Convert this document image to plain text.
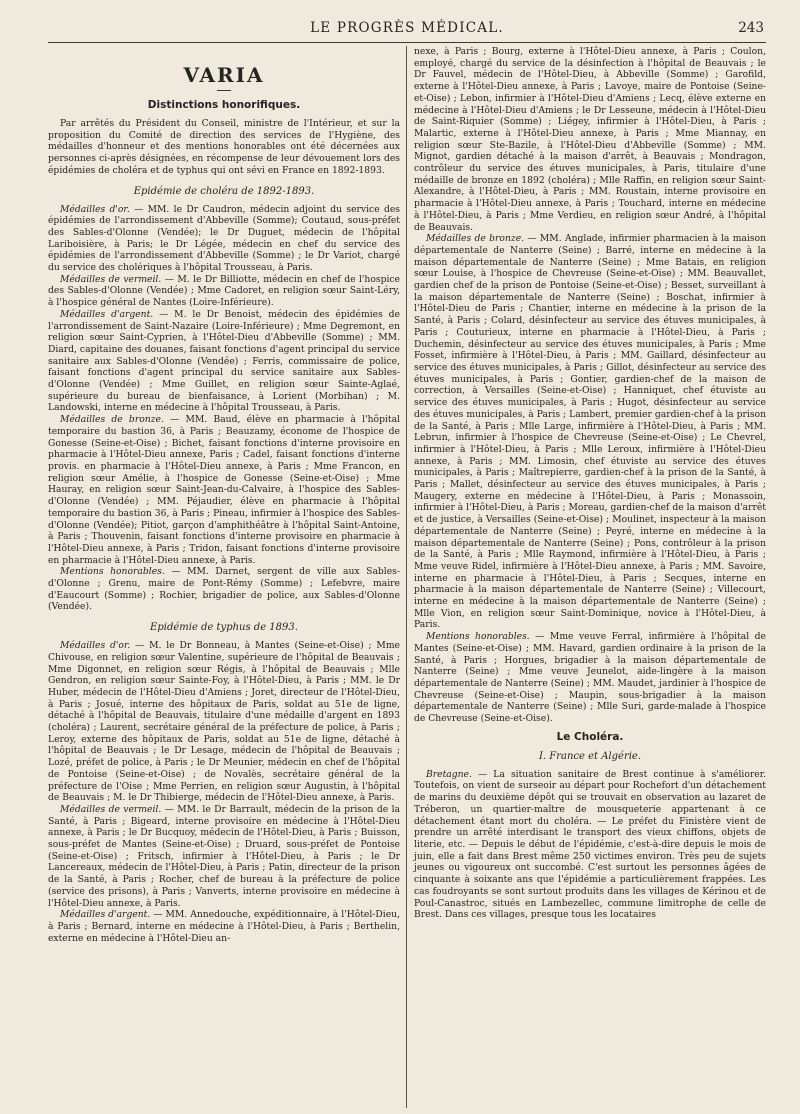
LE PROGRÈS MÉDICAL.	243
VARIA
Distinctions honorifiques.

Par arrêtés du Président du Conseil, ministre de l'Intérieur, et sur la proposition du Comité de direction des services de l'Hygiène, des médailles d'honneur et des mentions honorables ont été décernées aux personnes ci-après désignées, en récompense de leur dévouement lors des épidémies de choléra et de typhus qui ont sévi en France en 1892-1893.

Epidémie de choléra de 1892-1893.

Médailles d'or. — MM. le Dr Caudron, médecin adjoint du service des épidémies de l'arrondissement d'Abbeville (Somme); Coutaud, sous-préfet des Sables-d'Olonne (Vendée); le Dr Duguet, médecin de l'hôpital Lariboisière, à Paris; le Dr Légée, médecin en chef du service des épidémies de l'arrondissement d'Abbeville (Somme) ; le Dr Variot, chargé du service des cholériques à l'hôpital Trousseau, à Paris.

Médailles de vermeil. — M. le Dr Billiotte, médecin en chef de l'hospice des Sables-d'Olonne (Vendée) ; Mme Cadoret, en religion sœur Saint-Léry, à l'hospice général de Nantes (Loire-Inférieure).

Médailles d'argent. — M. le Dr Benoist, médecin des épidémies de l'arrondissement de Saint-Nazaire (Loire-Inférieure) ; Mme Degremont, en religion sœur Saint-Cyprien, à l'Hôtel-Dieu d'Abbeville (Somme) ; MM. Diard, capitaine des douanes, faisant fonctions d'agent principal du service sanitaire aux Sables-d'Olonne (Vendée) ; Ferris, commissaire de police, faisant fonctions d'agent principal du service sanitaire aux Sables-d'Olonne (Vendée) ; Mme Guillet, en religion sœur Sainte-Aglaé, supérieure du bureau de bienfaisance, à Lorient (Morbihan) ; M. Landowski, interne en médecine à l'hôpital Trousseau, à Paris.

Médailles de bronze. — MM. Baud, élève en pharmacie à l'hôpital temporaire du bastion 36, à Paris ; Beauzamy, économe de l'hospice de Gonesse (Seine-et-Oise) ; Bichet, faisant fonctions d'interne provisoire en pharmacie à l'Hôtel-Dieu annexe, Paris ; Cadel, faisant fonctions d'interne provis. en pharmacie à l'Hôtel-Dieu annexe, à Paris ; Mme Francon, en religion sœur Amélie, à l'hospice de Gonesse (Seine-et-Oise) ; Mme Hauray, en religion sœur Saint-Jean-du-Calvaire, à l'hospice des Sables-d'Olonne (Vendée) ; MM. Péjaudier, élève en pharmacie à l'hôpital temporaire du bastion 36, à Paris ; Pineau, infirmier à l'hospice des Sables-d'Olonne (Vendée); Pitiot, garçon d'amphithéâtre à l'hôpital Saint-Antoine, à Paris ; Thouvenin, faisant fonctions d'interne provisoire en pharmacie à l'Hôtel-Dieu annexe, à Paris ; Tridon, faisant fonctions d'interne provisoire en pharmacie à l'Hôtel-Dieu annexe, à Paris.

Mentions honorables. — MM. Darnet, sergent de ville aux Sables-d'Olonne ; Grenu, maire de Pont-Rémy (Somme) ; Lefebvre, maire d'Eaucourt (Somme) ; Rochier, brigadier de police, aux Sables-d'Olonne (Vendée).

Epidémie de typhus de 1893.

Médailles d'or. — M. le Dr Bonneau, à Mantes (Seine-et-Oise) ; Mme Chivouse, en religion sœur Valentine, supérieure de l'hôpital de Beauvais ; Mme Digonnet, en religion sœur Régis, à l'hôpital de Beauvais ; Mlle Gendron, en religion sœur Sainte-Foy, à l'Hôtel-Dieu, à Paris ; MM. le Dr Huber, médecin de l'Hôtel-Dieu d'Amiens ; Joret, directeur de l'Hôtel-Dieu, à Paris ; Josué, interne des hôpitaux de Paris, soldat au 51e de ligne, détaché à l'hôpital de Beauvais, titulaire d'une médaille d'argent en 1893 (choléra) ; Laurent, secrétaire général de la préfecture de police, à Paris ; Leroy, externe des hôpitaux de Paris, soldat au 51e de ligne, détaché à l'hôpital de Beauvais ; le Dr Lesage, médecin de l'hôpital de Beauvais ; Lozé, préfet de police, à Paris ; le Dr Meunier, médecin en chef de l'hôpital de Pontoise (Seine-et-Oise) ; de Novalès, secrétaire général de la préfecture de l'Oise ; Mme Perrien, en religion sœur Augustin, à l'hôpital de Beauvais ; M. le Dr Thibierge, médecin de l'Hôtel-Dieu annexe, à Paris.

Médailles de vermeil. — MM. le Dr Barrault, médecin de la prison de la Santé, à Paris ; Bigeard, interne provisoire en médecine à l'Hôtel-Dieu annexe, à Paris ; le Dr Bucquoy, médecin de l'Hôtel-Dieu, à Paris ; Buisson, sous-préfet de Mantes (Seine-et-Oise) ; Druard, sous-préfet de Pontoise (Seine-et-Oise) ; Fritsch, infirmier à l'Hôtel-Dieu, à Paris ; le Dr Lancereaux, médecin de l'Hôtel-Dieu, à Paris ; Patin, directeur de la prison de la Santé, à Paris ; Rocher, chef de bureau à la préfecture de police (service des prisons), à Paris ; Vanverts, interne provisoire en médecine à l'Hôtel-Dieu annexe, à Paris.

Médailles d'argent. — MM. Annedouche, expéditionnaire, à l'Hôtel-Dieu, à Paris ; Bernard, interne en médecine à l'Hôtel-Dieu, à Paris ; Berthelin, externe en médecine à l'Hôtel-Dieu an-

nexe, à Paris ; Bourg, externe à l'Hôtel-Dieu annexe, à Paris ; Coulon, employé, chargé du service de la désinfection à l'hôpital de Beauvais ; le Dr Fauvel, médecin de l'Hôtel-Dieu, à Abbeville (Somme) ; Garofild, externe à l'Hôtel-Dieu annexe, à Paris ; Lavoye, maire de Pontoise (Seine-et-Oise) ; Lebon, infirmier à l'Hôtel-Dieu d'Amiens ; Lecq, élève externe en médecine à l'Hôtel-Dieu d'Amiens ; le Dr Lesseune, médecin à l'Hôtel-Dieu de Saint-Riquier (Somme) ; Liégey, infirmier à l'Hôtel-Dieu, à Paris ; Malartic, externe à l'Hôtel-Dieu annexe, à Paris ; Mme Miannay, en religion sœur Ste-Bazile, à l'Hôtel-Dieu d'Abbeville (Somme) ; MM. Mignot, gardien détaché à la maison d'arrêt, à Beauvais ; Mondragon, contrôleur du service des étuves municipales, à Paris, titulaire d'une médaille de bronze en 1892 (choléra) ; Mlle Raffin, en religion sœur Saint-Alexandre, à l'Hôtel-Dieu, à Paris ; MM. Roustain, interne provisoire en pharmacie à l'Hôtel-Dieu annexe, à Paris ; Touchard, interne en médecine à l'Hôtel-Dieu, à Paris ; Mme Verdieu, en religion sœur André, à l'hôpital de Beauvais.

Médailles de bronze. — MM. Anglade, infirmier pharmacien à la maison départementale de Nanterre (Seine) ; Barré, interne en médecine à la maison départementale de Nanterre (Seine) ; Mme Batais, en religion sœur Louise, à l'hospice de Chevreuse (Seine-et-Oise) ; MM. Beauvallet, gardien chef de la prison de Pontoise (Seine-et-Oise) ; Besset, surveillant à la maison départementale de Nanterre (Seine) ; Boschat, infirmier à l'Hôtel-Dieu de Paris ; Chantier, interne en médecine à la prison de la Santé, à Paris ; Colard, désinfecteur au service des étuves municipales, à Paris ; Couturieux, interne en pharmacie à l'Hôtel-Dieu, à Paris ; Duchemin, désinfecteur au service des étuves municipales, à Paris ; Mme Fosset, infirmière à l'Hôtel-Dieu, à Paris ; MM. Gaillard, désinfecteur au service des étuves municipales, à Paris ; Gillot, désinfecteur au service des étuves municipales, à Paris ; Gontier, gardien-chef de la maison de correction, à Versailles (Seine-et-Oise) ; Hanniquet, chef étuviste au service des étuves municipales, à Paris ; Hugot, désinfecteur au service des étuves municipales, à Paris ; Lambert, premier gardien-chef à la prison de la Santé, à Paris ; Mlle Large, infirmière à l'Hôtel-Dieu, à Paris ; MM. Lebrun, infirmier à l'hospice de Chevreuse (Seine-et-Oise) ; Le Chevrel, infirmier à l'Hôtel-Dieu, à Paris ; Mlle Leroux, infirmière à l'Hôtel-Dieu annexe, à Paris ; MM. Limosin, chef étuviste au service des étuves municipales, à Paris ; Maîtrepierre, gardien-chef à la prison de la Santé, à Paris ; Mallet, désinfecteur au service des étuves municipales, à Paris ; Maugery, externe en médecine à l'Hôtel-Dieu, à Paris ; Monassoin, infirmier à l'Hôtel-Dieu, à Paris ; Moreau, gardien-chef de la maison d'arrêt et de justice, à Versailles (Seine-et-Oise) ; Moulinet, inspecteur à la maison départementale de Nanterre (Seine) ; Peyré, interne en médecine à la maison départementale de Nanterre (Seine) ; Pons, contrôleur à la prison de la Santé, à Paris ; Mlle Raymond, infirmière à l'Hôtel-Dieu, à Paris ; Mme veuve Ridel, infirmière à l'Hôtel-Dieu annexe, à Paris ; MM. Savoire, interne en pharmacie à l'Hôtel-Dieu, à Paris ; Secques, interne en pharmacie à la maison départementale de Nanterre (Seine) ; Villecourt, interne en médecine à la maison départementale de Nanterre (Seine) ; Mlle Vion, en religion sœur Saint-Dominique, novice à l'Hôtel-Dieu, à Paris.

Mentions honorables. — Mme veuve Ferral, infirmière à l'hôpital de Mantes (Seine-et-Oise) ; MM. Havard, gardien ordinaire à la prison de la Santé, à Paris ; Horgues, brigadier à la maison départementale de Nanterre (Seine) ; Mme veuve Jeunelot, aide-lingère à la maison départementale de Nanterre (Seine) ; MM. Maudet, jardinier à l'hospice de Chevreuse (Seine-et-Oise) ; Maupin, sous-brigadier à la maison départementale de Nanterre (Seine) ; Mlle Suri, garde-malade à l'hospice de Chevreuse (Seine-et-Oise).

Le Choléra.
I. France et Algérie.

Bretagne. — La situation sanitaire de Brest continue à s'améliorer. Toutefois, on vient de surseoir au départ pour Rochefort d'un détachement de marins du deuxième dépôt qui se trouvait en observation au lazaret de Tréberon, un quartier-maître de mousqueterie appartenant à ce détachement étant mort du choléra. — Le préfet du Finistère vient de prendre un arrêté interdisant le transport des vieux chiffons, objets de literie, etc. — Depuis le début de l'épidémie, c'est-à-dire depuis le mois de juin, elle a fait dans Brest même 250 victimes environ. Très peu de sujets jeunes ou vigoureux ont succombé. C'est surtout les personnes âgées de cinquante à soixante ans que l'épidémie a particulièrement frappées. Les cas foudroyants se sont surtout produits dans les villages de Kérinou et de Poul-Canastroc, situés en Lambezellec, commune limitrophe de celle de Brest. Dans ces villages, presque tous les locataires
